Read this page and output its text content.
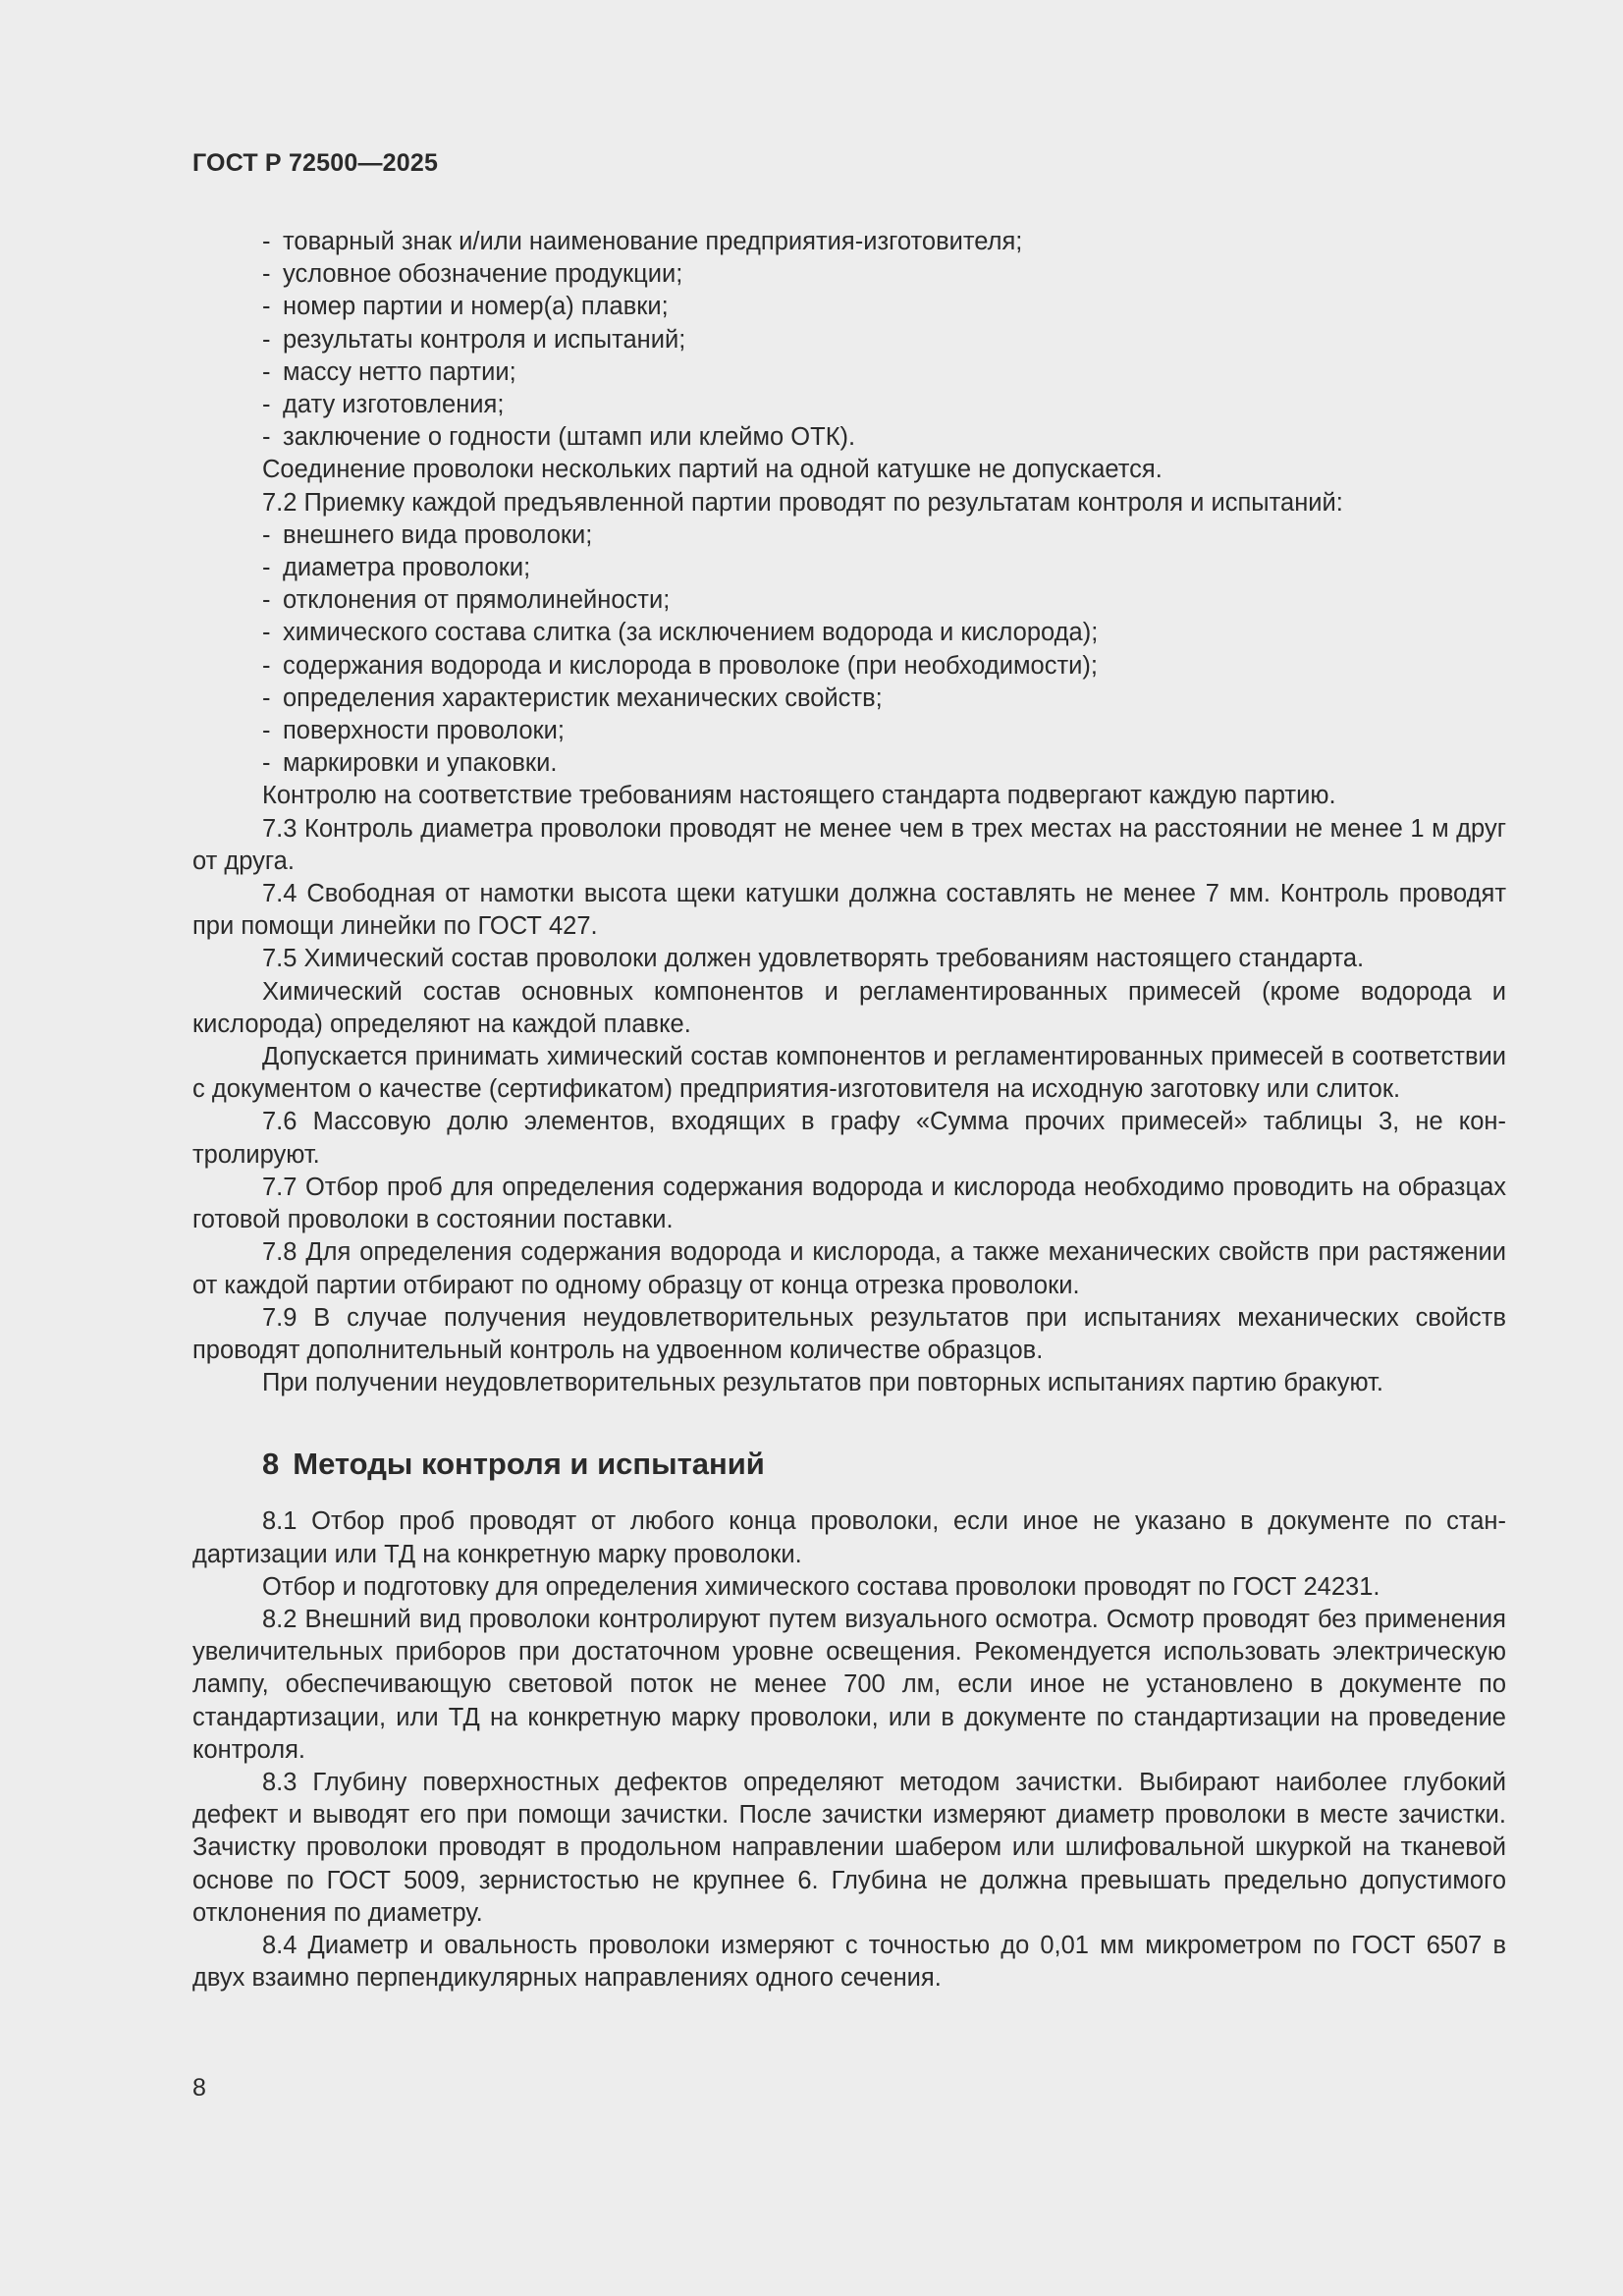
ГОСТ Р 72500—2025

- товарный знак и/или наименование предприятия-изготовителя;

- условное обозначение продукции;

- номер партии и номер(а) плавки;

- результаты контроля и испытаний;

- массу нетто партии;

- дату изготовления;

- заключение о годности (штамп или клеймо ОТК).

Соединение проволоки нескольких партий на одной катушке не допускается.

7.2 Приемку каждой предъявленной партии проводят по результатам контроля и испытаний:

- внешнего вида проволоки;

- диаметра проволоки;

- отклонения от прямолинейности;

- химического состава слитка (за исключением водорода и кислорода);

- содержания водорода и кислорода в проволоке (при необходимости);

- определения характеристик механических свойств;

- поверхности проволоки;

- маркировки и упаковки.

Контролю на соответствие требованиям настоящего стандарта подвергают каждую партию.

7.3 Контроль диаметра проволоки проводят не менее чем в трех местах на расстоянии не менее 1 м друг от друга.

7.4 Свободная от намотки высота щеки катушки должна составлять не менее 7 мм. Контроль проводят при помощи линейки по ГОСТ 427.

7.5 Химический состав проволоки должен удовлетворять требованиям настоящего стандарта.

Химический состав основных компонентов и регламентированных примесей (кроме водорода и кислорода) определяют на каждой плавке.

Допускается принимать химический состав компонентов и регламентированных примесей в соответствии с документом о качестве (сертификатом) предприятия-изготовителя на исходную заготовку или слиток.

7.6 Массовую долю элементов, входящих в графу «Сумма прочих примесей» таблицы 3, не контролируют.

7.7 Отбор проб для определения содержания водорода и кислорода необходимо проводить на образцах готовой проволоки в состоянии поставки.

7.8 Для определения содержания водорода и кислорода, а также механических свойств при растяжении от каждой партии отбирают по одному образцу от конца отрезка проволоки.

7.9 В случае получения неудовлетворительных результатов при испытаниях механических свойств проводят дополнительный контроль на удвоенном количестве образцов.

При получении неудовлетворительных результатов при повторных испытаниях партию бракуют.

8 Методы контроля и испытаний

8.1 Отбор проб проводят от любого конца проволоки, если иное не указано в документе по стандартизации или ТД на конкретную марку проволоки.

Отбор и подготовку для определения химического состава проволоки проводят по ГОСТ 24231.

8.2 Внешний вид проволоки контролируют путем визуального осмотра. Осмотр проводят без применения увеличительных приборов при достаточном уровне освещения. Рекомендуется использовать электрическую лампу, обеспечивающую световой поток не менее 700 лм, если иное не установлено в документе по стандартизации, или ТД на конкретную марку проволоки, или в документе по стандартизации на проведение контроля.

8.3 Глубину поверхностных дефектов определяют методом зачистки. Выбирают наиболее глубокий дефект и выводят его при помощи зачистки. После зачистки измеряют диаметр проволоки в месте зачистки. Зачистку проволоки проводят в продольном направлении шабером или шлифовальной шкуркой на тканевой основе по ГОСТ 5009, зернистостью не крупнее 6. Глубина не должна превышать предельно допустимого отклонения по диаметру.

8.4 Диаметр и овальность проволоки измеряют с точностью до 0,01 мм микрометром по ГОСТ 6507 в двух взаимно перпендикулярных направлениях одного сечения.

8
